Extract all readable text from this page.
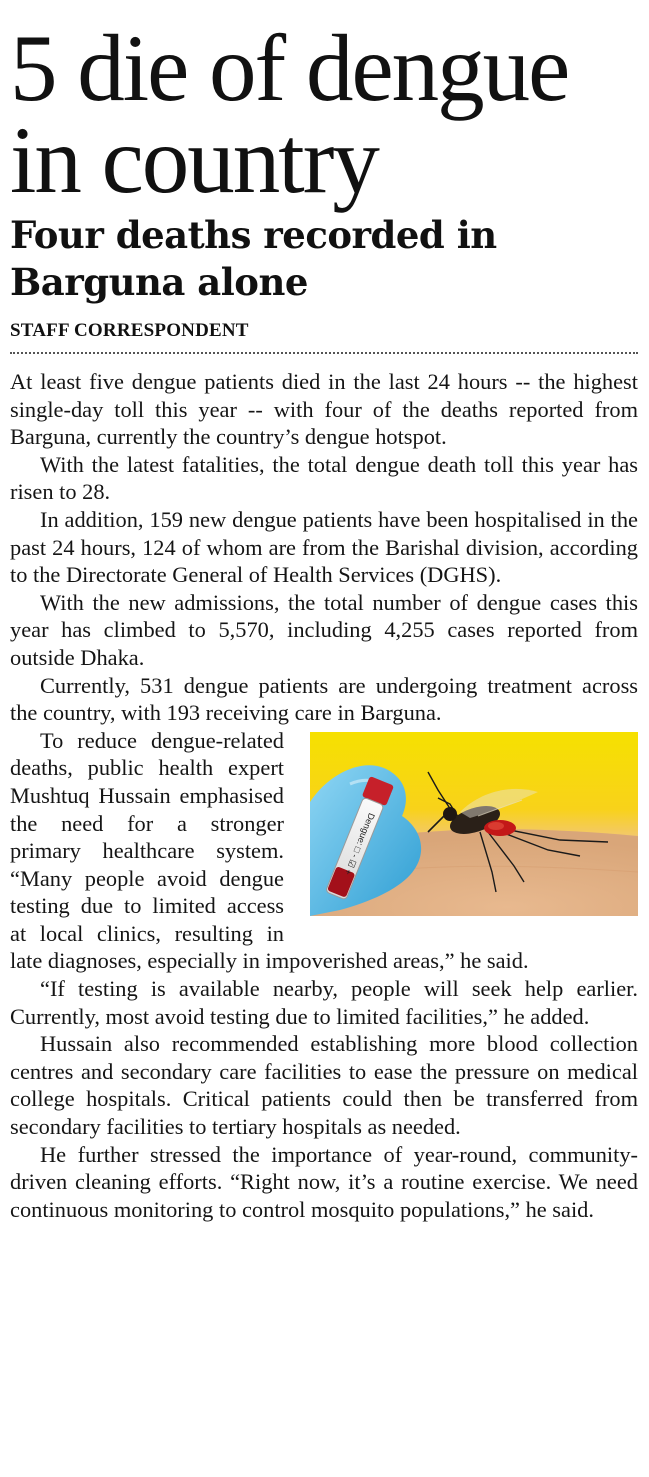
5 die of dengue in country
Four deaths recorded in Barguna alone
STAFF CORRESPONDENT

At least five dengue patients died in the last 24 hours -- the highest single-day toll this year -- with four of the deaths reported from Barguna, currently the country’s dengue hotspot.

With the latest fatalities, the total dengue death toll this year has risen to 28.

In addition, 159 new dengue patients have been hospitalised in the past 24 hours, 124 of whom are from the Barishal division, according to the Directorate General of Health Services (DGHS).

With the new admissions, the total number of dengue cases this year has climbed to 5,570, including 4,255 cases reported from outside Dhaka.

Currently, 531 dengue patients are undergoing treatment across the country, with 193 receiving care in Barguna.

Dengue: □ - ☑ +

To reduce dengue-related deaths, public health expert Mushtuq Hussain emphasised the need for a stronger primary healthcare system. “Many people avoid dengue testing due to limited access at local clinics, resulting in late diagnoses, especially in impoverished areas,” he said.

“If testing is available nearby, people will seek help earlier. Currently, most avoid testing due to limited facilities,” he added.

Hussain also recommended establishing more blood collection centres and secondary care facilities to ease the pressure on medical college hospitals. Critical patients could then be transferred from secondary facilities to tertiary hospitals as needed.

He further stressed the importance of year-round, community-driven cleaning efforts. “Right now, it’s a routine exercise. We need continuous monitoring to control mosquito populations,” he said.
